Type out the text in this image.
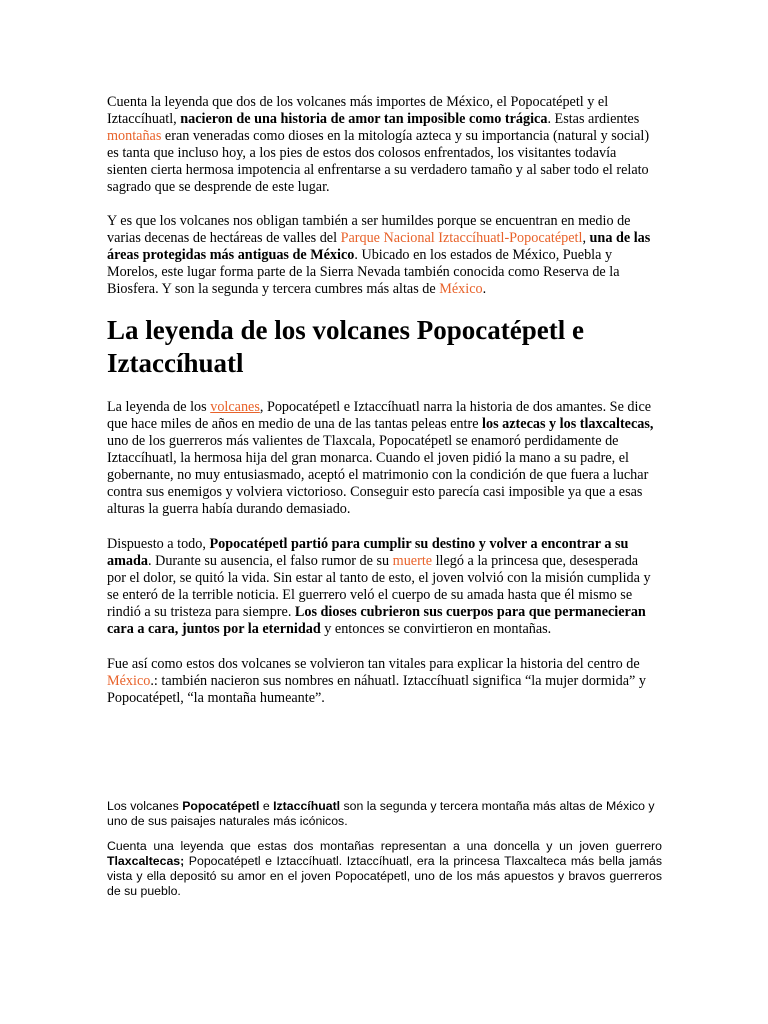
Cuenta la leyenda que dos de los volcanes más importes de México, el Popocatépetl y el Iztaccíhuatl, nacieron de una historia de amor tan imposible como trágica. Estas ardientes montañas eran veneradas como dioses en la mitología azteca y su importancia (natural y social) es tanta que incluso hoy, a los pies de estos dos colosos enfrentados, los visitantes todavía sienten cierta hermosa impotencia al enfrentarse a su verdadero tamaño y al saber todo el relato sagrado que se desprende de este lugar.

Y es que los volcanes nos obligan también a ser humildes porque se encuentran en medio de varias decenas de hectáreas de valles del Parque Nacional Iztaccíhuatl-Popocatépetl, una de las áreas protegidas más antiguas de México. Ubicado en los estados de México, Puebla y Morelos, este lugar forma parte de la Sierra Nevada también conocida como Reserva de la Biosfera. Y son la segunda y tercera cumbres más altas de México.

La leyenda de los volcanes Popocatépetl e Iztaccíhuatl

La leyenda de los volcanes, Popocatépetl e Iztaccíhuatl narra la historia de dos amantes. Se dice que hace miles de años en medio de una de las tantas peleas entre los aztecas y los tlaxcaltecas, uno de los guerreros más valientes de Tlaxcala, Popocatépetl se enamoró perdidamente de Iztaccíhuatl, la hermosa hija del gran monarca. Cuando el joven pidió la mano a su padre, el gobernante, no muy entusiasmado, aceptó el matrimonio con la condición de que fuera a luchar contra sus enemigos y volviera victorioso. Conseguir esto parecía casi imposible ya que a esas alturas la guerra había durando demasiado.

Dispuesto a todo, Popocatépetl partió para cumplir su destino y volver a encontrar a su amada. Durante su ausencia, el falso rumor de su muerte llegó a la princesa que, desesperada por el dolor, se quitó la vida. Sin estar al tanto de esto, el joven volvió con la misión cumplida y se enteró de la terrible noticia. El guerrero veló el cuerpo de su amada hasta que él mismo se rindió a su tristeza para siempre. Los dioses cubrieron sus cuerpos para que permanecieran cara a cara, juntos por la eternidad y entonces se convirtieron en montañas.

Fue así como estos dos volcanes se volvieron tan vitales para explicar la historia del centro de México.: también nacieron sus nombres en náhuatl. Iztaccíhuatl significa “la mujer dormida” y Popocatépetl, “la montaña humeante”.

Los volcanes Popocatépetl e Iztaccíhuatl son la segunda y tercera montaña más altas de México y uno de sus paisajes naturales más icónicos.

Cuenta una leyenda que estas dos montañas representan a una doncella y un joven guerrero Tlaxcaltecas; Popocatépetl e Iztaccíhuatl. Iztaccíhuatl, era la princesa Tlaxcalteca más bella jamás vista y ella depositó su amor en el joven Popocatépetl, uno de los más apuestos y bravos guerreros de su pueblo.
